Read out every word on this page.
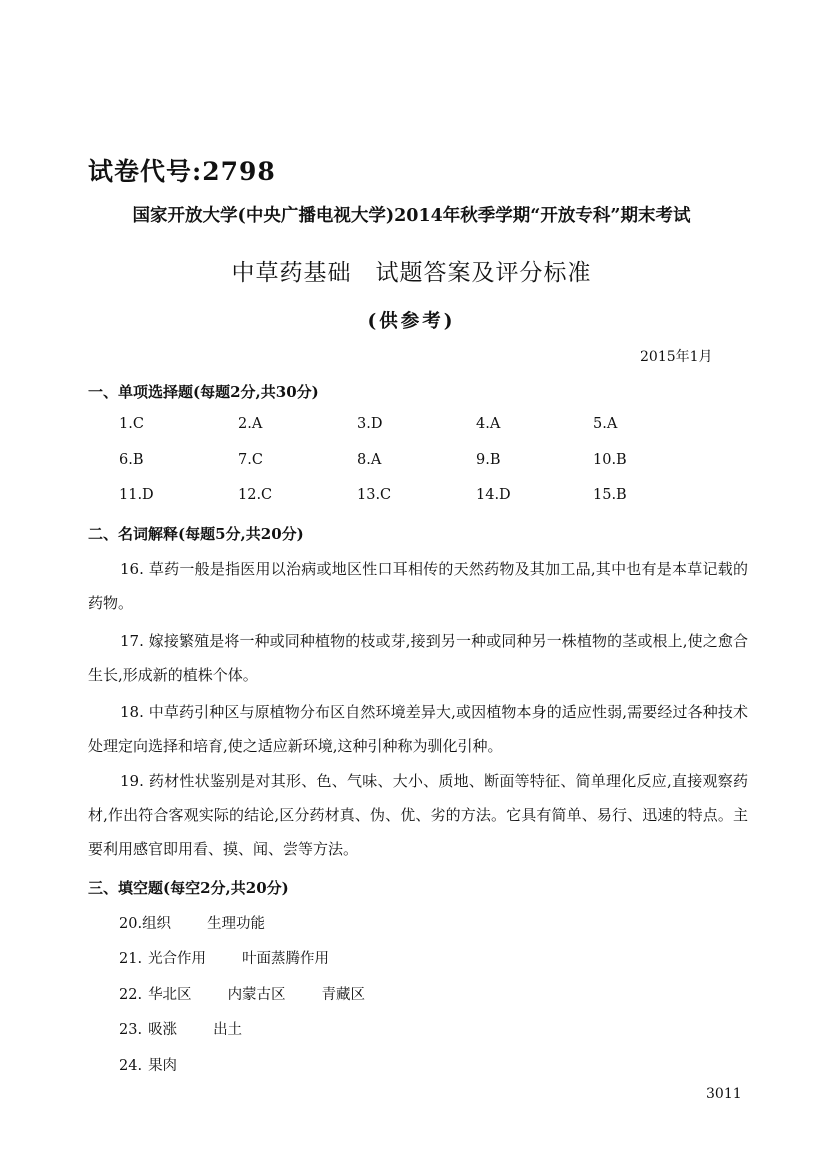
试卷代号:2798
国家开放大学(中央广播电视大学)2014年秋季学期“开放专科”期末考试
中草药基础　试题答案及评分标准
(供参考)
2015年1月
一、单项选择题(每题2分,共30分)
1.C	2.A	3.D	4.A	5.A
6.B	7.C	8.A	9.B	10.B
11.D	12.C	13.C	14.D	15.B
二、名词解释(每题5分,共20分)
16. 草药一般是指医用以治病或地区性口耳相传的天然药物及其加工品,其中也有是本草记载的药物。
17. 嫁接繁殖是将一种或同种植物的枝或芽,接到另一种或同种另一株植物的茎或根上,使之愈合生长,形成新的植株个体。
18. 中草药引种区与原植物分布区自然环境差异大,或因植物本身的适应性弱,需要经过各种技术处理定向选择和培育,使之适应新环境,这种引种称为驯化引种。
19. 药材性状鉴别是对其形、色、气味、大小、质地、断面等特征、简单理化反应,直接观察药材,作出符合客观实际的结论,区分药材真、伪、优、劣的方法。它具有简单、易行、迅速的特点。主要利用感官即用看、摸、闻、尝等方法。
三、填空题(每空2分,共20分)
20.组织 生理功能
21. 光合作用 叶面蒸腾作用
22. 华北区 内蒙古区 青藏区
23. 吸涨 出土
24. 果肉
3011
